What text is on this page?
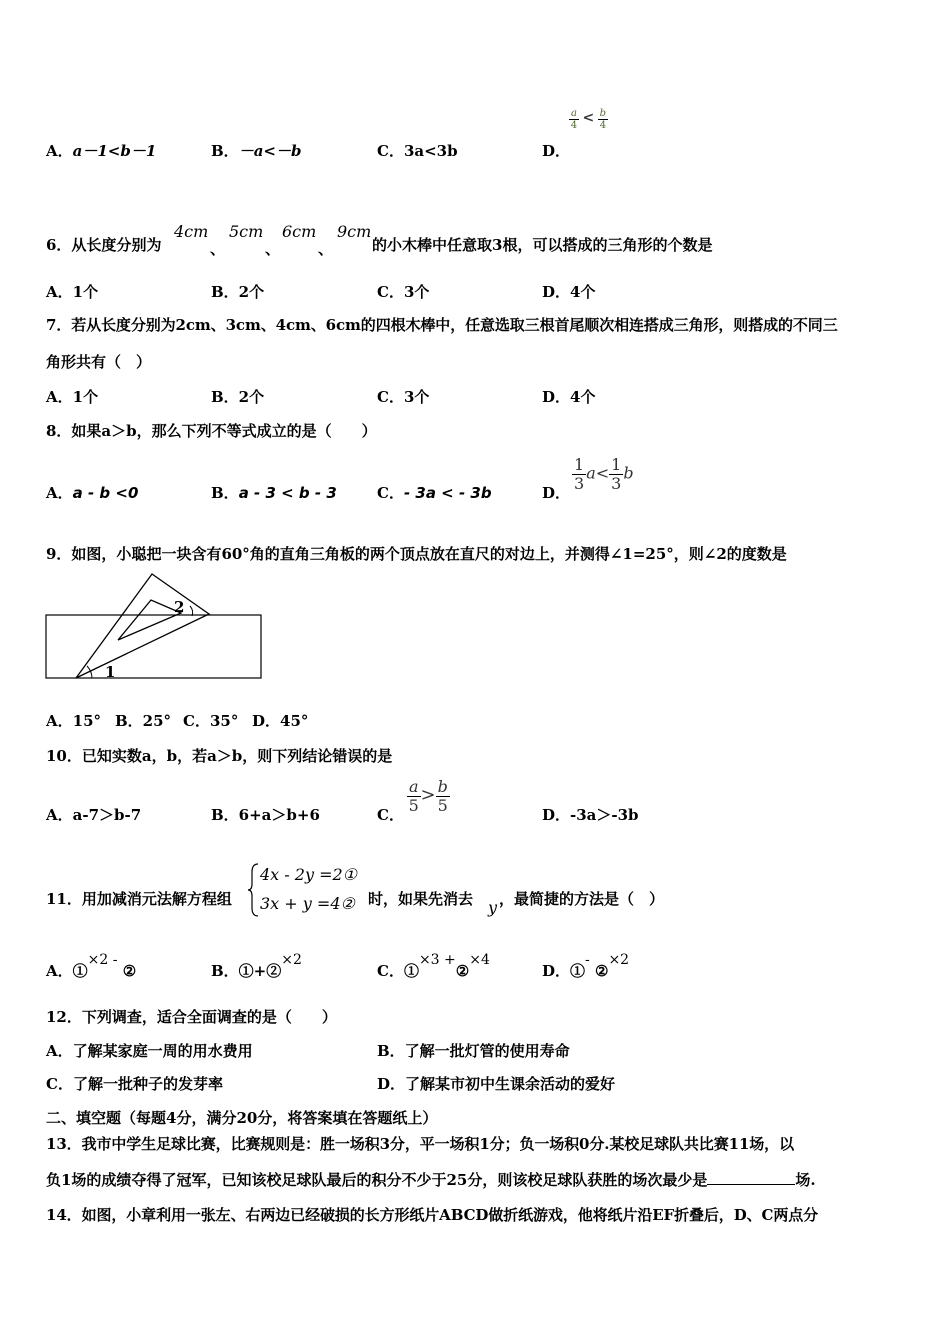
A．a－1<b－1	B．－a<－b	C．3a<3b	D．
$\frac{a}{4} < \frac{b}{4}$
6．从长度分别为
4cm
、
5cm
、
6cm
、
9cm
的小木棒中任意取3根，可以搭成的三角形的个数是
A．1个	B．2个	C．3个	D．4个
7．若从长度分别为2cm、3cm、4cm、6cm的四根木棒中，任意选取三根首尾顺次相连搭成三角形，则搭成的不同三
角形共有（　）
A．1个	B．2个	C．3个	D．4个
8．如果a＞b，那么下列不等式成立的是（　　）
A．a - b <0	B．a - 3 < b - 3	C．- 3a < - 3b	D．
$\frac{1}{3} a< \frac{1}{3}$ b
9．如图，小聪把一块含有60°角的直角三角板的两个顶点放在直尺的对边上，并测得∠1=25°，则∠2的度数是
1
2
A．15° B．25° C．35° D．45°
10．已知实数a，b，若a＞b，则下列结论错误的是
A．a-7＞b-7	B．6+a＞b+6	C．
$\frac{a}{5} > \frac{b}{5}$
D．-3a＞-3b
11．用加减消元法解方程组
4x - 2y =2①
3x + y =4② 时，如果先消去 y ，最简捷的方法是（　）
A．①×2 - ②	B．①+②×2
C．①×3 +②×4
D．①- ②×2
12．下列调查，适合全面调查的是（　　）
A．了解某家庭一周的用水费用	B．了解一批灯管的使用寿命
C．了解一批种子的发芽率	D．了解某市初中生课余活动的爱好
二、填空题（每题4分，满分20分，将答案填在答题纸上）
13．我市中学生足球比赛，比赛规则是：胜一场积3分，平一场积1分；负一场积0分.某校足球队共比赛11场，以
负1场的成绩夺得了冠军，已知该校足球队最后的积分不少于25分，则该校足球队获胜的场次最少是	场.
14．如图，小章利用一张左、右两边已经破损的长方形纸片ABCD做折纸游戏，他将纸片沿EF折叠后，D、C两点分
